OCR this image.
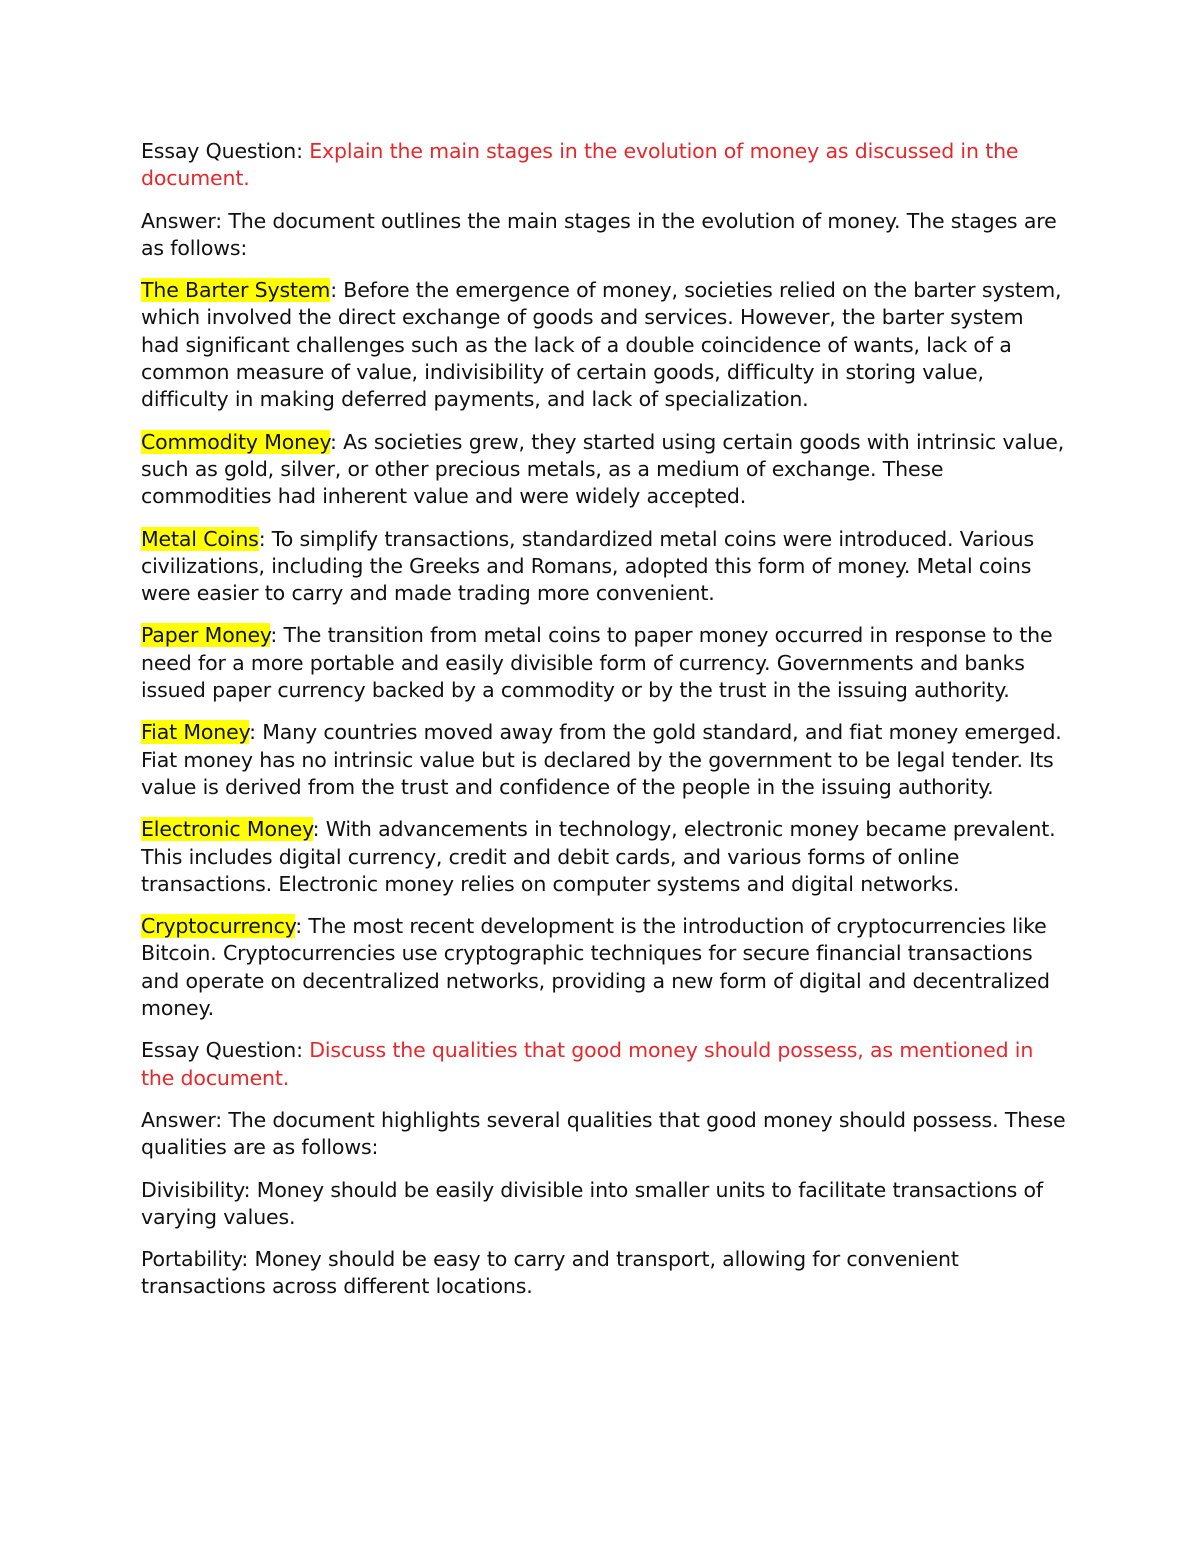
Essay Question: Explain the main stages in the evolution of money as discussed in the document.

Answer: The document outlines the main stages in the evolution of money. The stages are as follows:

The Barter System: Before the emergence of money, societies relied on the barter system, which involved the direct exchange of goods and services. However, the barter system had significant challenges such as the lack of a double coincidence of wants, lack of a common measure of value, indivisibility of certain goods, difficulty in storing value, difficulty in making deferred payments, and lack of specialization.

Commodity Money: As societies grew, they started using certain goods with intrinsic value, such as gold, silver, or other precious metals, as a medium of exchange. These commodities had inherent value and were widely accepted.

Metal Coins: To simplify transactions, standardized metal coins were introduced. Various civilizations, including the Greeks and Romans, adopted this form of money. Metal coins were easier to carry and made trading more convenient.

Paper Money: The transition from metal coins to paper money occurred in response to the need for a more portable and easily divisible form of currency. Governments and banks issued paper currency backed by a commodity or by the trust in the issuing authority.

Fiat Money: Many countries moved away from the gold standard, and fiat money emerged. Fiat money has no intrinsic value but is declared by the government to be legal tender. Its value is derived from the trust and confidence of the people in the issuing authority.

Electronic Money: With advancements in technology, electronic money became prevalent. This includes digital currency, credit and debit cards, and various forms of online transactions. Electronic money relies on computer systems and digital networks.

Cryptocurrency: The most recent development is the introduction of cryptocurrencies like Bitcoin. Cryptocurrencies use cryptographic techniques for secure financial transactions and operate on decentralized networks, providing a new form of digital and decentralized money.

Essay Question: Discuss the qualities that good money should possess, as mentioned in the document.

Answer: The document highlights several qualities that good money should possess. These qualities are as follows:

Divisibility: Money should be easily divisible into smaller units to facilitate transactions of varying values.

Portability: Money should be easy to carry and transport, allowing for convenient transactions across different locations.
